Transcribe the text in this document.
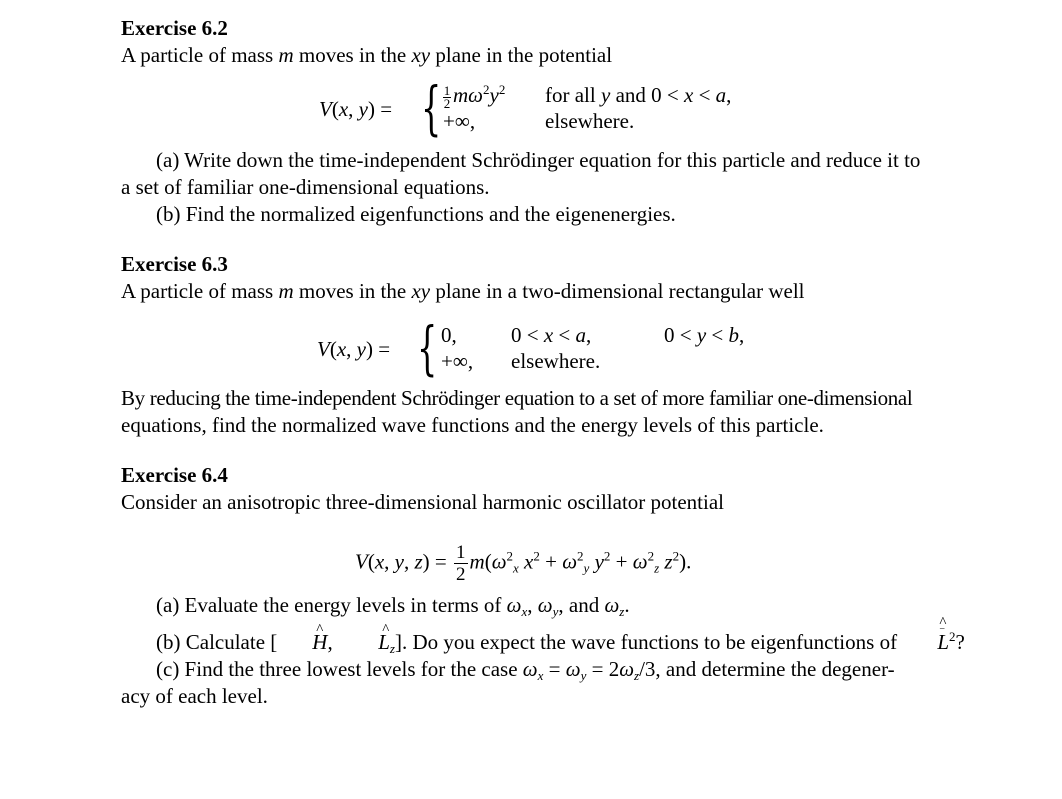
Exercise 6.2

A particle of mass m moves in the xy plane in the potential

V(x, y) = { $\frac{1}{2} m\omega^2y^2$ for all y and 0 < x < a,
+∞,	elsewhere.

(a) Write down the time-independent Schrödinger equation for this particle and reduce it to

a set of familiar one-dimensional equations.

(b) Find the normalized eigenfunctions and the eigenenergies.

Exercise 6.3

A particle of mass m moves in the xy plane in a two-dimensional rectangular well

V(x, y) = { 0,	0 < x < a,	0 < y < b,
+∞, elsewhere.

By reducing the time-independent Schrödinger equation to a set of more familiar one-dimensional

equations, find the normalized wave functions and the energy levels of this particle.

Exercise 6.4

Consider an anisotropic three-dimensional harmonic oscillator potential

V(x, y, $z) = \frac{1}{2} m(\omega^2_x$ $x^2 + \omega^2_y$ $y^2 + \omega^2_z$ $z^2$).

(a) Evaluate the energy levels in terms of $\omega_x$, $\omega_y$, and $\omega_z$.

(b) Calculate [^ H,  ^ $L_z$]. Do you expect the wave functions to be eigenfunctions of ^ L −$^2$?

(c) Find the three lowest levels for the case $\omega_x = \omega_y = 2\omega_z/3$, and determine the degener-

acy of each level.
